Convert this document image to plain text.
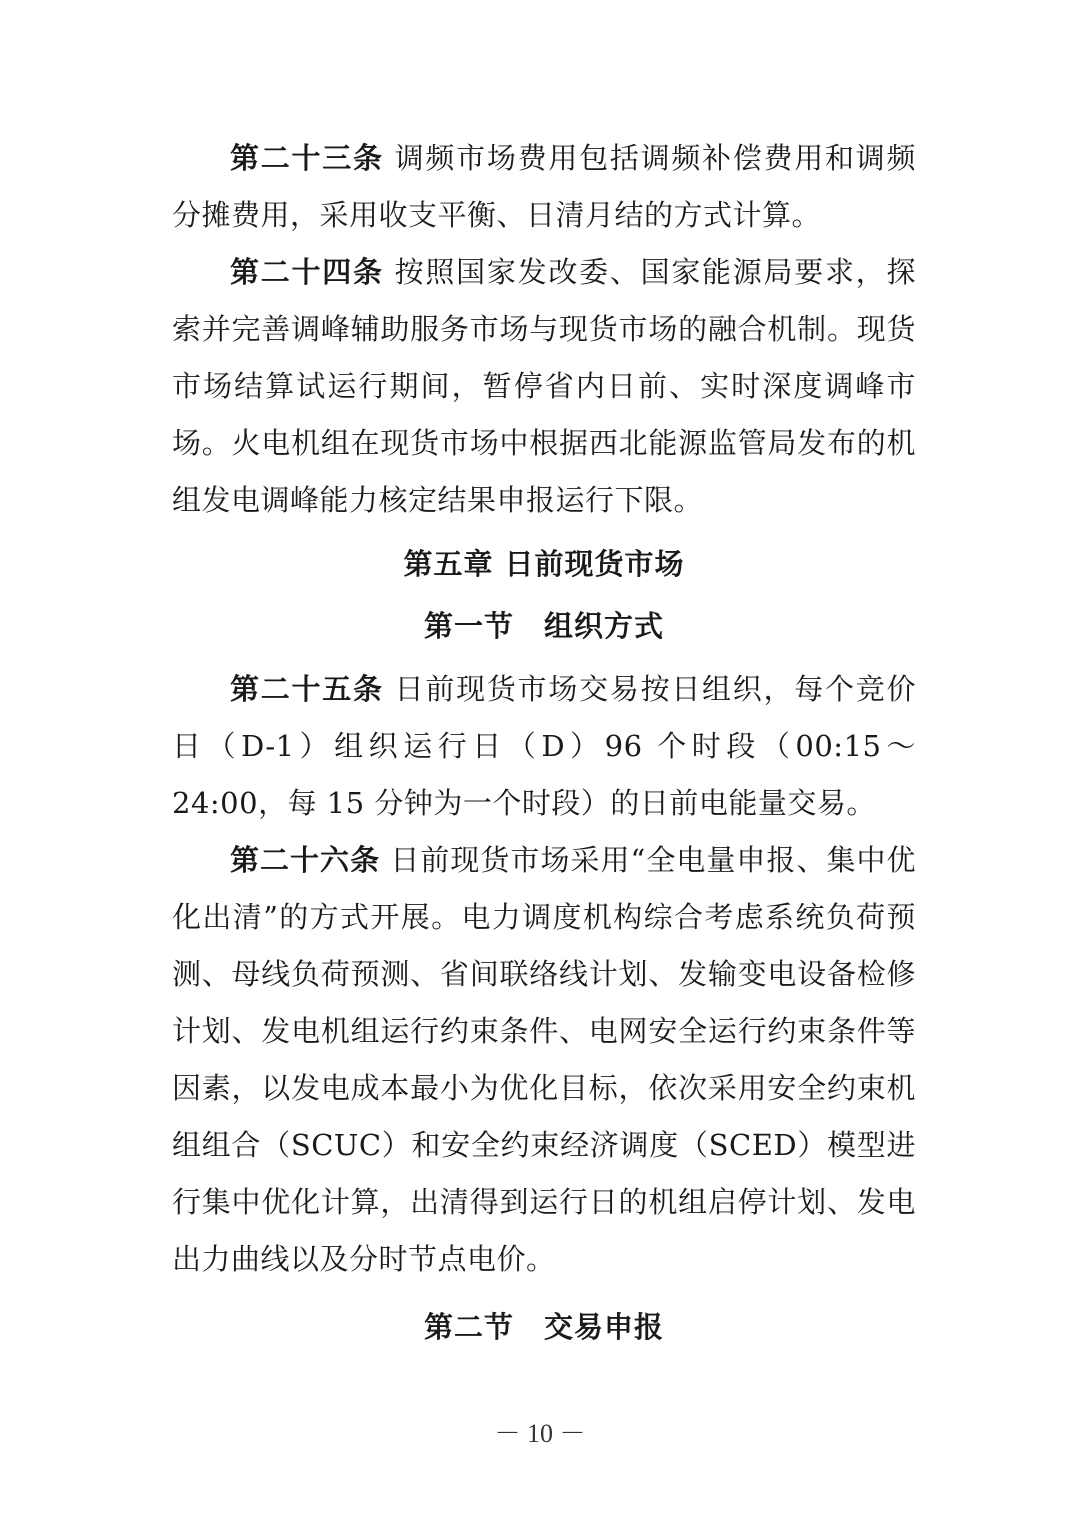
第二十三条 调频市场费用包括调频补偿费用和调频分摊费用，采用收支平衡、日清月结的方式计算。

第二十四条 按照国家发改委、国家能源局要求，探索并完善调峰辅助服务市场与现货市场的融合机制。现货市场结算试运行期间，暂停省内日前、实时深度调峰市场。火电机组在现货市场中根据西北能源监管局发布的机组发电调峰能力核定结果申报运行下限。

第五章 日前现货市场
第一节　组织方式

第二十五条 日前现货市场交易按日组织，每个竞价日（D-1）组织运行日（D）96 个时段（00:15～24:00，每 15 分钟为一个时段）的日前电能量交易。

第二十六条 日前现货市场采用“全电量申报、集中优化出清”的方式开展。电力调度机构综合考虑系统负荷预测、母线负荷预测、省间联络线计划、发输变电设备检修计划、发电机组运行约束条件、电网安全运行约束条件等因素，以发电成本最小为优化目标，依次采用安全约束机组组合（SCUC）和安全约束经济调度（SCED）模型进行集中优化计算，出清得到运行日的机组启停计划、发电出力曲线以及分时节点电价。

第二节　交易申报
－ 10 －
